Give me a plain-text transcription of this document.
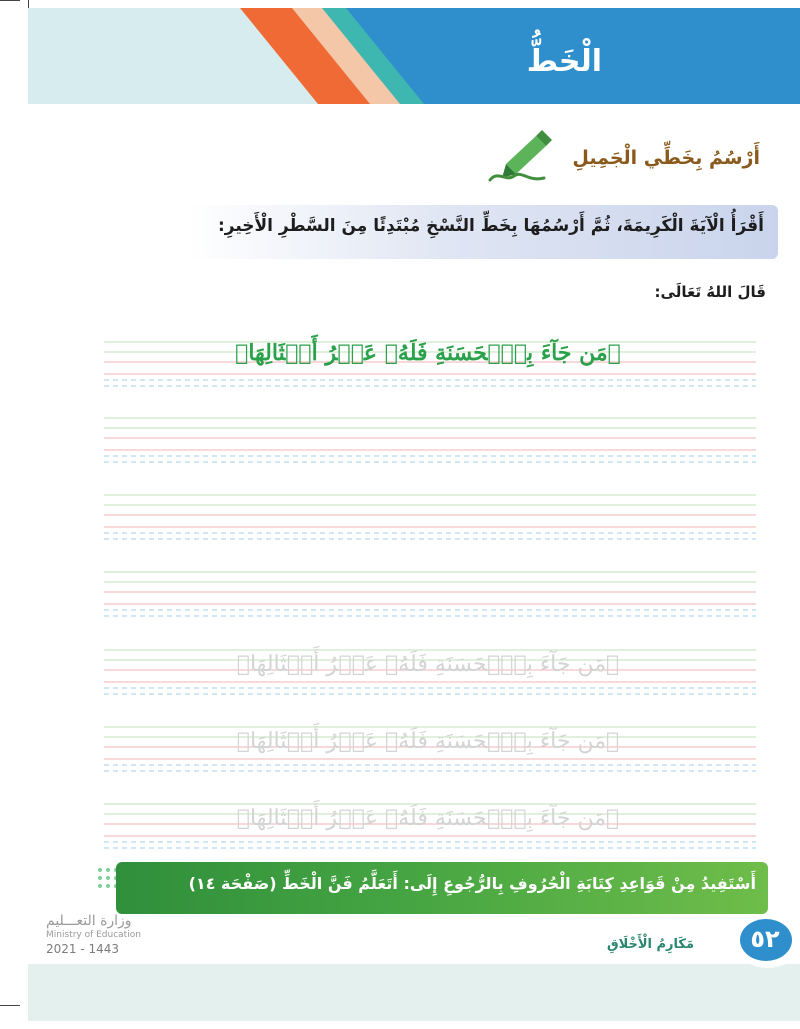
الْخَطُّ
أَرْسُمُ بِخَطِّي الْجَمِيلِ
أَقْرَأُ الْآيَةَ الْكَرِيمَةَ، ثُمَّ أَرْسُمُهَا بِخَطِّ النَّسْخِ مُبْتَدِئًا مِنَ السَّطْرِ الْأَخِيرِ:
قَالَ اللهُ تَعَالَى:
﴿مَن جَآءَ بِٱلۡحَسَنَةِ فَلَهُۥ عَشۡرُ أَمۡثَالِهَا﴾
﴿مَن جَآءَ بِٱلۡحَسَنَةِ فَلَهُۥ عَشۡرُ أَمۡثَالِهَا﴾
﴿مَن جَآءَ بِٱلۡحَسَنَةِ فَلَهُۥ عَشۡرُ أَمۡثَالِهَا﴾
﴿مَن جَآءَ بِٱلۡحَسَنَةِ فَلَهُۥ عَشۡرُ أَمۡثَالِهَا﴾
أَسْتَفِيدُ مِنْ قَوَاعِدِ كِتَابَةِ الْحُرُوفِ بِالرُّجُوعِ إِلَى: أَتَعَلَّمُ فَنَّ الْخَطِّ (صَفْحَة ١٤)
وزارة التعـــليم
Ministry of Education
2021 - 1443	مَكَارِمُ الْأَخْلَاقِ	٥٢
